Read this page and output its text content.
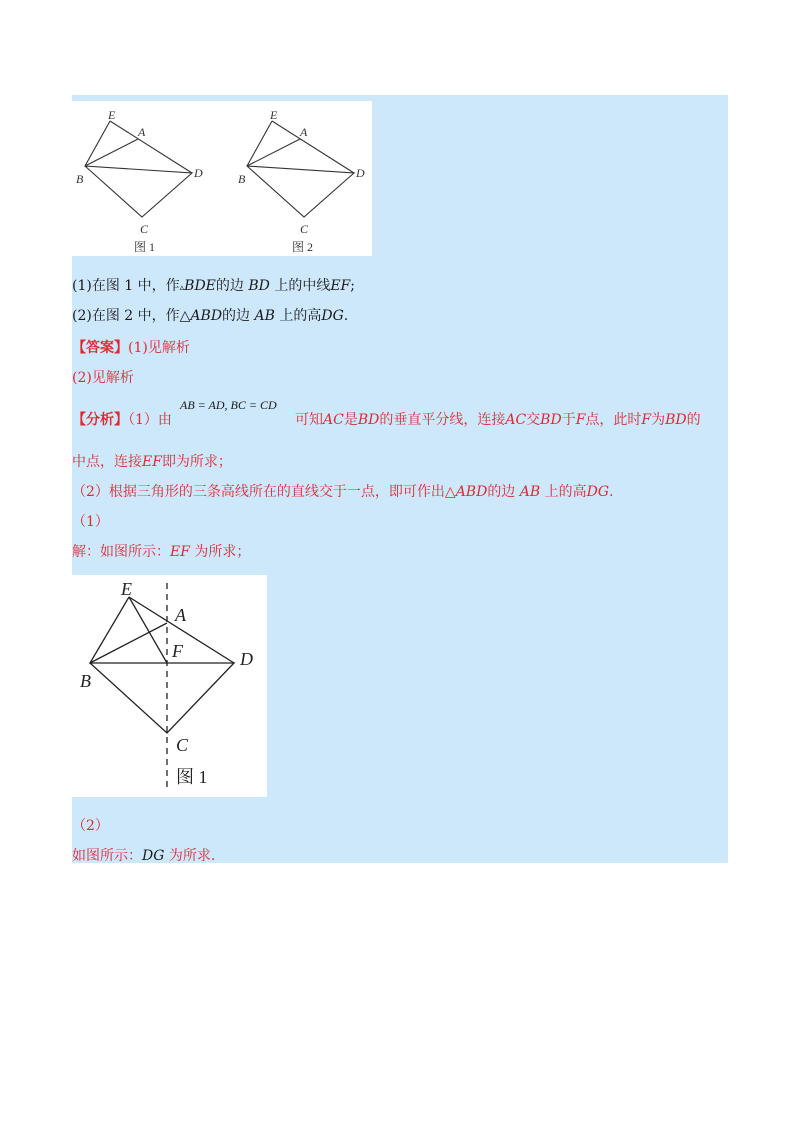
E
A
B	D
C
图 1
E
A
B	D
C
图 2
(1)在图 1 中，作▵BDE的边 BD 上的中线EF;
(2)在图 2 中，作△ABD的边 AB 上的高DG.
【答案】(1)见解析
(2)见解析
AB = AD, BC = CD
【分析】（1）由	可知AC是BD的垂直平分线，连接AC交BD于F点，此时F为BD的
中点，连接EF即为所求；
（2）根据三角形的三条高线所在的直线交于一点，即可作出△ABD的边 AB 上的高DG.
（1）
解：如图所示：EF 为所求；
E
A
F
B
D
C
图 1
（2）
如图所示：DG 为所求.
